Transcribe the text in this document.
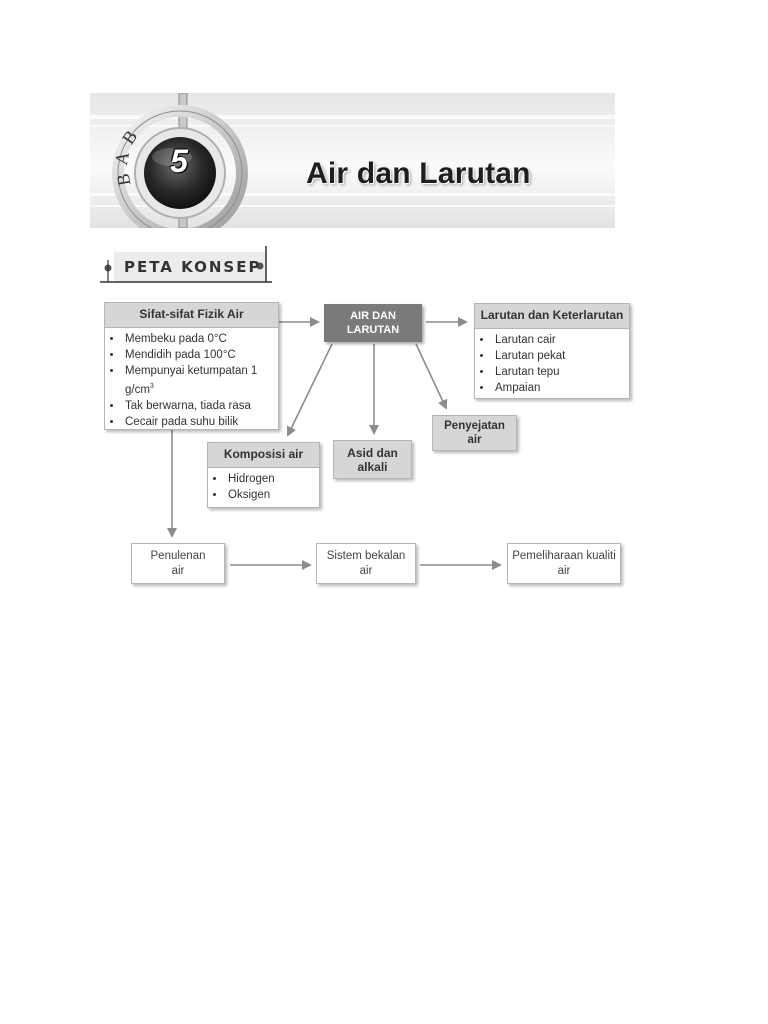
B
A
B
5	Air dan Larutan
PETA KONSEP
Sifat-sifat Fizik Air
• Membeku pada 0°C
• Mendidih pada 100°C
• Mempunyai ketumpatan 1 $g/cm^3$
• Tak berwarna, tiada rasa
• Cecair pada suhu bilik
AIR DAN
LARUTAN
Larutan dan Keterlarutan
• Larutan cair
• Larutan pekat
• Larutan tepu
• Ampaian
Komposisi air
• Hidrogen
• Oksigen
Asid dan
alkali
Penyejatan
air
Penulenan
air
Sistem bekalan
air
Pemeliharaan kualiti
air
